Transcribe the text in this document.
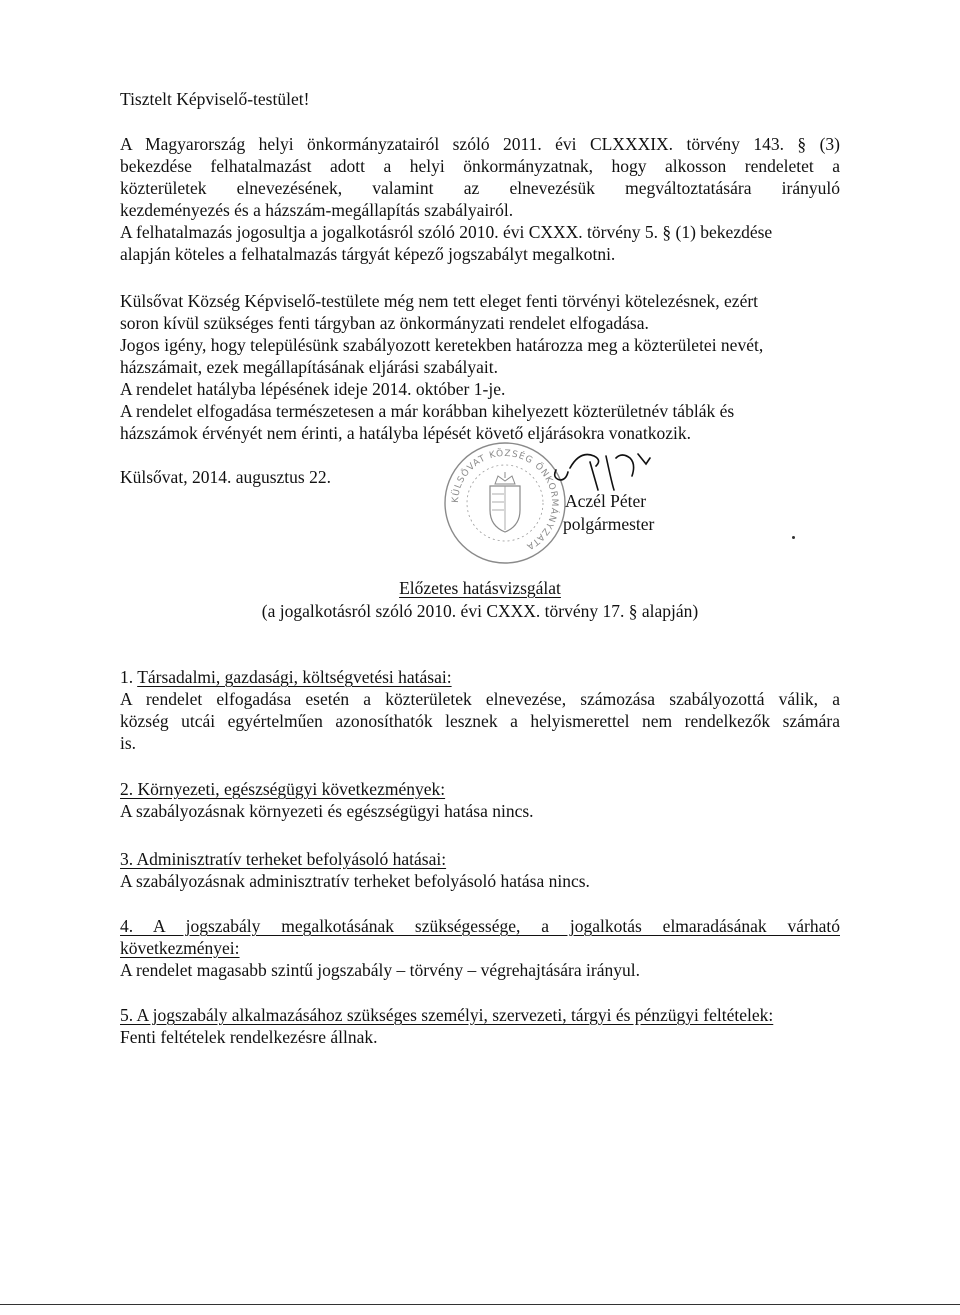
Tisztelt Képviselő-testület!

A Magyarország helyi önkormányzatairól szóló 2011. évi CLXXXIX. törvény 143. § (3)

bekezdése felhatalmazást adott a helyi önkormányzatnak, hogy alkosson rendeletet a

közterületek elnevezésének, valamint az elnevezésük megváltoztatására irányuló

kezdeményezés és a házszám-megállapítás szabályairól.

A felhatalmazás jogosultja a jogalkotásról szóló 2010. évi CXXX. törvény 5. § (1) bekezdése

alapján köteles a felhatalmazás tárgyát képező jogszabályt megalkotni.

Külsővat Község Képviselő-testülete még nem tett eleget fenti törvényi kötelezésnek, ezért

soron kívül szükséges fenti tárgyban az önkormányzati rendelet elfogadása.

Jogos igény, hogy településünk szabályozott keretekben határozza meg a közterületei nevét,

házszámait, ezek megállapításának eljárási szabályait.

A rendelet hatályba lépésének ideje 2014. október 1-je.

A rendelet elfogadása természetesen a már korábban kihelyezett közterületnév táblák és

házszámok érvényét nem érinti, a hatályba lépését követő eljárásokra vonatkozik.

Külsővat, 2014. augusztus 22.

KÜLSŐVAT KÖZSÉG ÖNKORMÁNYZATA

Aczél Péter

polgármester

Előzetes hatásvizsgálat

(a jogalkotásról szóló 2010. évi CXXX. törvény 17. § alapján)

1. Társadalmi, gazdasági, költségvetési hatásai:

A rendelet elfogadása esetén a közterületek elnevezése, számozása szabályozottá válik, a

község utcái egyértelműen azonosíthatók lesznek a helyismerettel nem rendelkezők számára

is.

2. Környezeti, egészségügyi következmények:

A szabályozásnak környezeti és egészségügyi hatása nincs.

3. Adminisztratív terheket befolyásoló hatásai:

A szabályozásnak adminisztratív terheket befolyásoló hatása nincs.

4. A jogszabály megalkotásának szükségessége, a jogalkotás elmaradásának várható

következményei:

A rendelet magasabb szintű jogszabály – törvény – végrehajtására irányul.

5. A jogszabály alkalmazásához szükséges személyi, szervezeti, tárgyi és pénzügyi feltételek:

Fenti feltételek rendelkezésre állnak.
